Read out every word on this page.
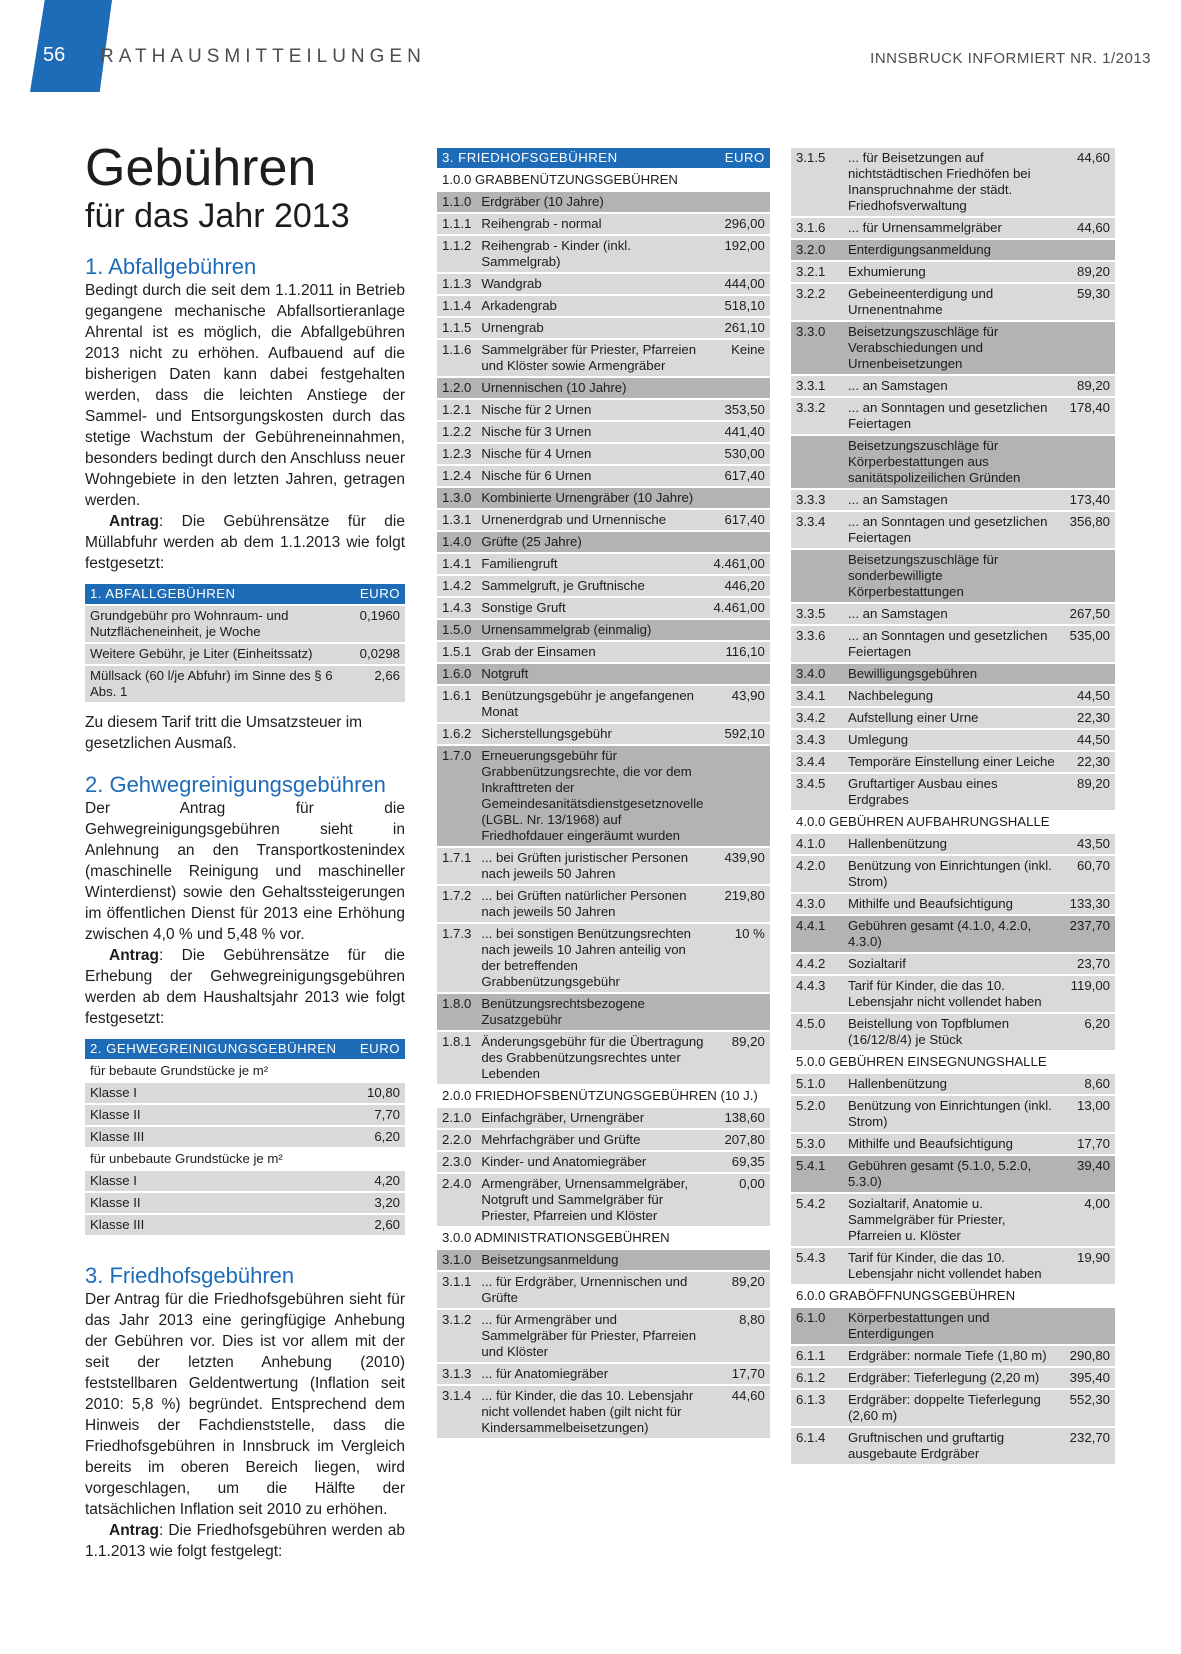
56 RATHAUSMITTEILUNGEN	INNSBRUCK INFORMIERT NR. 1/2013
Gebühren
für das Jahr 2013
1. Abfallgebühren

Bedingt durch die seit dem 1.1.2011 in Betrieb gegangene mechanische Abfallsortieranlage Ahrental ist es möglich, die Abfallgebühren 2013 nicht zu erhöhen. Aufbauend auf die bisherigen Daten kann dabei festgehalten werden, dass die leichten Anstiege der Sammel- und Entsorgungskosten durch das stetige Wachstum der Gebühreneinnahmen, besonders bedingt durch den Anschluss neuer Wohngebiete in den letzten Jahren, getragen werden.

Antrag: Die Gebührensätze für die Müllabfuhr werden ab dem 1.1.2013 wie folgt festgesetzt:

1. ABFALLGEBÜHREN	EURO
Grundgebühr pro Wohnraum- und Nutzflächeneinheit, je Woche	0,1960
Weitere Gebühr, je Liter (Einheitssatz)	0,0298
Müllsack (60 l/je Abfuhr) im Sinne des § 6 Abs. 1	2,66

Zu diesem Tarif tritt die Umsatzsteuer im gesetzlichen Ausmaß.

2. Gehwegreinigungsgebühren

Der Antrag für die Gehwegreinigungsgebühren sieht in Anlehnung an den Transportkostenindex (maschinelle Reinigung und maschineller Winterdienst) sowie den Gehaltssteigerungen im öffentlichen Dienst für 2013 eine Erhöhung zwischen 4,0 % und 5,48 % vor.

Antrag: Die Gebührensätze für die Erhebung der Gehwegreinigungsgebühren werden ab dem Haushaltsjahr 2013 wie folgt festgesetzt:

2. GEHWEGREINIGUNGSGEBÜHREN	EURO
für bebaute Grundstücke je m²	
Klasse I	10,80
Klasse II	7,70
Klasse III	6,20
für unbebaute Grundstücke je m²	
Klasse I	4,20
Klasse II	3,20
Klasse III	2,60
3. Friedhofsgebühren

Der Antrag für die Friedhofsgebühren sieht für das Jahr 2013 eine geringfügige Anhebung der Gebühren vor. Dies ist vor allem mit der seit der letzten Anhebung (2010) feststellbaren Geldentwertung (Inflation seit 2010: 5,8 %) begründet. Entsprechend dem Hinweis der Fachdienststelle, dass die Friedhofsgebühren in Innsbruck im Vergleich bereits im oberen Bereich liegen, wird vorgeschlagen, um die Hälfte der tatsächlichen Inflation seit 2010 zu erhöhen.

Antrag: Die Friedhofsgebühren werden ab 1.1.2013 wie folgt festgelegt:

3. FRIEDHOFSGEBÜHREN		EURO
1.0.0 GRABBENÜTZUNGSGEBÜHREN		
1.1.0	Erdgräber (10 Jahre)	
1.1.1	Reihengrab - normal	296,00
1.1.2	Reihengrab - Kinder (inkl. Sammelgrab)	192,00
1.1.3	Wandgrab	444,00
1.1.4	Arkadengrab	518,10
1.1.5	Urnengrab	261,10
1.1.6	Sammelgräber für Priester, Pfarreien und Klöster sowie Armengräber	Keine
1.2.0	Urnennischen (10 Jahre)	
1.2.1	Nische für 2 Urnen	353,50
1.2.2	Nische für 3 Urnen	441,40
1.2.3	Nische für 4 Urnen	530,00
1.2.4	Nische für 6 Urnen	617,40
1.3.0	Kombinierte Urnengräber (10 Jahre)	
1.3.1	Urnenerdgrab und Urnennische	617,40
1.4.0	Grüfte (25 Jahre)	
1.4.1	Familiengruft	4.461,00
1.4.2	Sammelgruft, je Gruftnische	446,20
1.4.3	Sonstige Gruft	4.461,00
1.5.0	Urnensammelgrab (einmalig)	
1.5.1	Grab der Einsamen	116,10
1.6.0	Notgruft	
1.6.1	Benützungsgebühr je angefangenen Monat	43,90
1.6.2	Sicherstellungsgebühr	592,10
1.7.0	Erneuerungsgebühr für Grabbenützungsrechte, die vor dem Inkrafttreten der Gemeindesanitätsdienstgesetznovelle (LGBL. Nr. 13/1968) auf Friedhofdauer eingeräumt wurden	
1.7.1	... bei Grüften juristischer Personen nach jeweils 50 Jahren	439,90
1.7.2	... bei Grüften natürlicher Personen nach jeweils 50 Jahren	219,80
1.7.3	... bei sonstigen Benützungsrechten nach jeweils 10 Jahren anteilig von der betreffenden Grabbenützungsgebühr	10 %
1.8.0	Benützungsrechtsbezogene Zusatzgebühr	
1.8.1	Änderungsgebühr für die Übertragung des Grabbenützungsrechtes unter Lebenden	89,20
2.0.0 FRIEDHOFSBENÜTZUNGSGEBÜHREN (10 J.)		
2.1.0	Einfachgräber, Urnengräber	138,60
2.2.0	Mehrfachgräber und Grüfte	207,80
2.3.0	Kinder- und Anatomiegräber	69,35
2.4.0	Armengräber, Urnensammelgräber, Notgruft und Sammelgräber für Priester, Pfarreien und Klöster	0,00
3.0.0 ADMINISTRATIONSGEBÜHREN		
3.1.0	Beisetzungsanmeldung	
3.1.1	... für Erdgräber, Urnennischen und Grüfte	89,20
3.1.2	... für Armengräber und Sammelgräber für Priester, Pfarreien und Klöster	8,80
3.1.3	... für Anatomiegräber	17,70
3.1.4	... für Kinder, die das 10. Lebensjahr nicht vollendet haben (gilt nicht für Kindersammelbeisetzungen)	44,60
3.1.5	... für Beisetzungen auf nichtstädtischen Friedhöfen bei Inanspruchnahme der städt. Friedhofsverwaltung	44,60
3.1.6	... für Urnensammelgräber	44,60
3.2.0	Enterdigungsanmeldung	
3.2.1	Exhumierung	89,20
3.2.2	Gebeineenterdigung und Urnenentnahme	59,30
3.3.0	Beisetzungszuschläge für Verabschiedungen und Urnenbeisetzungen	
3.3.1	... an Samstagen	89,20
3.3.2	... an Sonntagen und gesetzlichen Feiertagen	178,40
	Beisetzungszuschläge für Körperbestattungen aus sanitätspolizeilichen Gründen	
3.3.3	... an Samstagen	173,40
3.3.4	... an Sonntagen und gesetzlichen Feiertagen	356,80
	Beisetzungszuschläge für sonderbewilligte Körperbestattungen	
3.3.5	... an Samstagen	267,50
3.3.6	... an Sonntagen und gesetzlichen Feiertagen	535,00
3.4.0	Bewilligungsgebühren	
3.4.1	Nachbelegung	44,50
3.4.2	Aufstellung einer Urne	22,30
3.4.3	Umlegung	44,50
3.4.4	Temporäre Einstellung einer Leiche	22,30
3.4.5	Gruftartiger Ausbau eines Erdgrabes	89,20
4.0.0 GEBÜHREN AUFBAHRUNGSHALLE		
4.1.0	Hallenbenützung	43,50
4.2.0	Benützung von Einrichtungen (inkl. Strom)	60,70
4.3.0	Mithilfe und Beaufsichtigung	133,30
4.4.1	Gebühren gesamt (4.1.0, 4.2.0, 4.3.0)	237,70
4.4.2	Sozialtarif	23,70
4.4.3	Tarif für Kinder, die das 10. Lebensjahr nicht vollendet haben	119,00
4.5.0	Beistellung von Topfblumen (16/12/8/4) je Stück	6,20
5.0.0 GEBÜHREN EINSEGNUNGSHALLE		
5.1.0	Hallenbenützung	8,60
5.2.0	Benützung von Einrichtungen (inkl. Strom)	13,00
5.3.0	Mithilfe und Beaufsichtigung	17,70
5.4.1	Gebühren gesamt (5.1.0, 5.2.0, 5.3.0)	39,40
5.4.2	Sozialtarif, Anatomie u. Sammelgräber für Priester, Pfarreien u. Klöster	4,00
5.4.3	Tarif für Kinder, die das 10. Lebensjahr nicht vollendet haben	19,90
6.0.0 GRABÖFFNUNGSGEBÜHREN		
6.1.0	Körperbestattungen und Enterdigungen	
6.1.1	Erdgräber: normale Tiefe (1,80 m)	290,80
6.1.2	Erdgräber: Tieferlegung (2,20 m)	395,40
6.1.3	Erdgräber: doppelte Tieferlegung (2,60 m)	552,30
6.1.4	Gruftnischen und gruftartig ausgebaute Erdgräber	232,70
